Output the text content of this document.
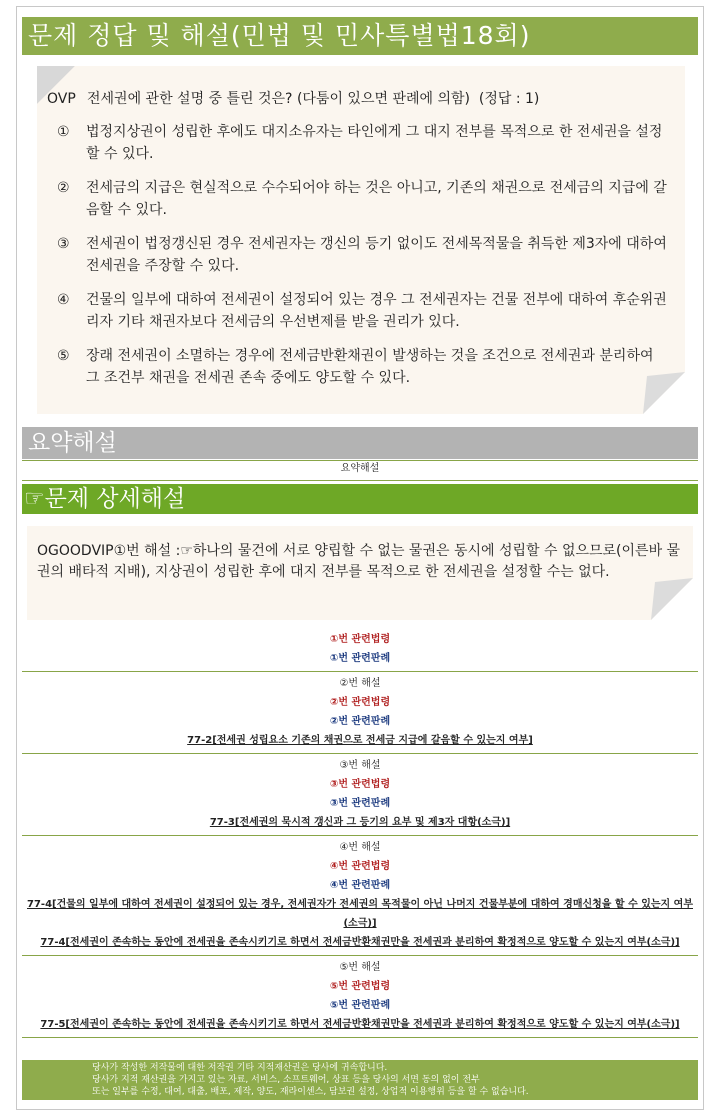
문제 정답 및 해설(민법 및 민사특별법18회)
OVP 전세권에 관한 설명 중 틀린 것은? (다툼이 있으면 판례에 의함) (정답 : 1)
①	법정지상권이 성립한 후에도 대지소유자는 타인에게 그 대지 전부를 목적으로 한 전세권을 설정할 수 있다.
②	전세금의 지급은 현실적으로 수수되어야 하는 것은 아니고, 기존의 채권으로 전세금의 지급에 갈음할 수 있다.
③	전세권이 법정갱신된 경우 전세권자는 갱신의 등기 없이도 전세목적물을 취득한 제3자에 대하여 전세권을 주장할 수 있다.
④	건물의 일부에 대하여 전세권이 설정되어 있는 경우 그 전세권자는 건물 전부에 대하여 후순위권리자 기타 채권자보다 전세금의 우선변제를 받을 권리가 있다.
⑤	장래 전세권이 소멸하는 경우에 전세금반환채권이 발생하는 것을 조건으로 전세권과 분리하여 그 조건부 채권을 전세권 존속 중에도 양도할 수 있다.
요약해설
요약해설
☞문제 상세해설
OGOODVIP①번 해설 :☞하나의 물건에 서로 양립할 수 없는 물권은 동시에 성립할 수 없으므로(이른바 물권의 배타적 지배), 지상권이 성립한 후에 대지 전부를 목적으로 한 전세권을 설정할 수는 없다.
①번 관련법령
①번 관련판례
②번 해설
②번 관련법령
②번 관련판례
77-2[전세권 성립요소 기존의 채권으로 전세금 지급에 갈음할 수 있는지 여부]
③번 해설
③번 관련법령
③번 관련판례
77-3[전세권의 묵시적 갱신과 그 등기의 요부 및 제3자 대항(소극)]
④번 해설
④번 관련법령
④번 관련판례
77-4[건물의 일부에 대하여 전세권이 설정되어 있는 경우, 전세권자가 전세권의 목적물이 아닌 나머지 건물부분에 대하여 경매신청을 할 수 있는지 여부(소극)]
77-4[전세권이 존속하는 동안에 전세권을 존속시키기로 하면서 전세금반환채권만을 전세권과 분리하여 확정적으로 양도할 수 있는지 여부(소극)]
⑤번 해설
⑤번 관련법령
⑤번 관련판례
77-5[전세권이 존속하는 동안에 전세권을 존속시키기로 하면서 전세금반환채권만을 전세권과 분리하여 확정적으로 양도할 수 있는지 여부(소극)]
당사가 작성한 저작물에 대한 저작권 기타 지적재산권은 당사에 귀속합니다.
당사가 지적 재산권을 가지고 있는 자료, 서비스, 소프트웨어, 상표 등을 당사의 서면 동의 없이 전부
또는 일부를 수정, 대여, 대출, 배포, 제작, 양도, 재라이센스, 담보권 설정, 상업적 이용행위 등을 할 수 없습니다.
